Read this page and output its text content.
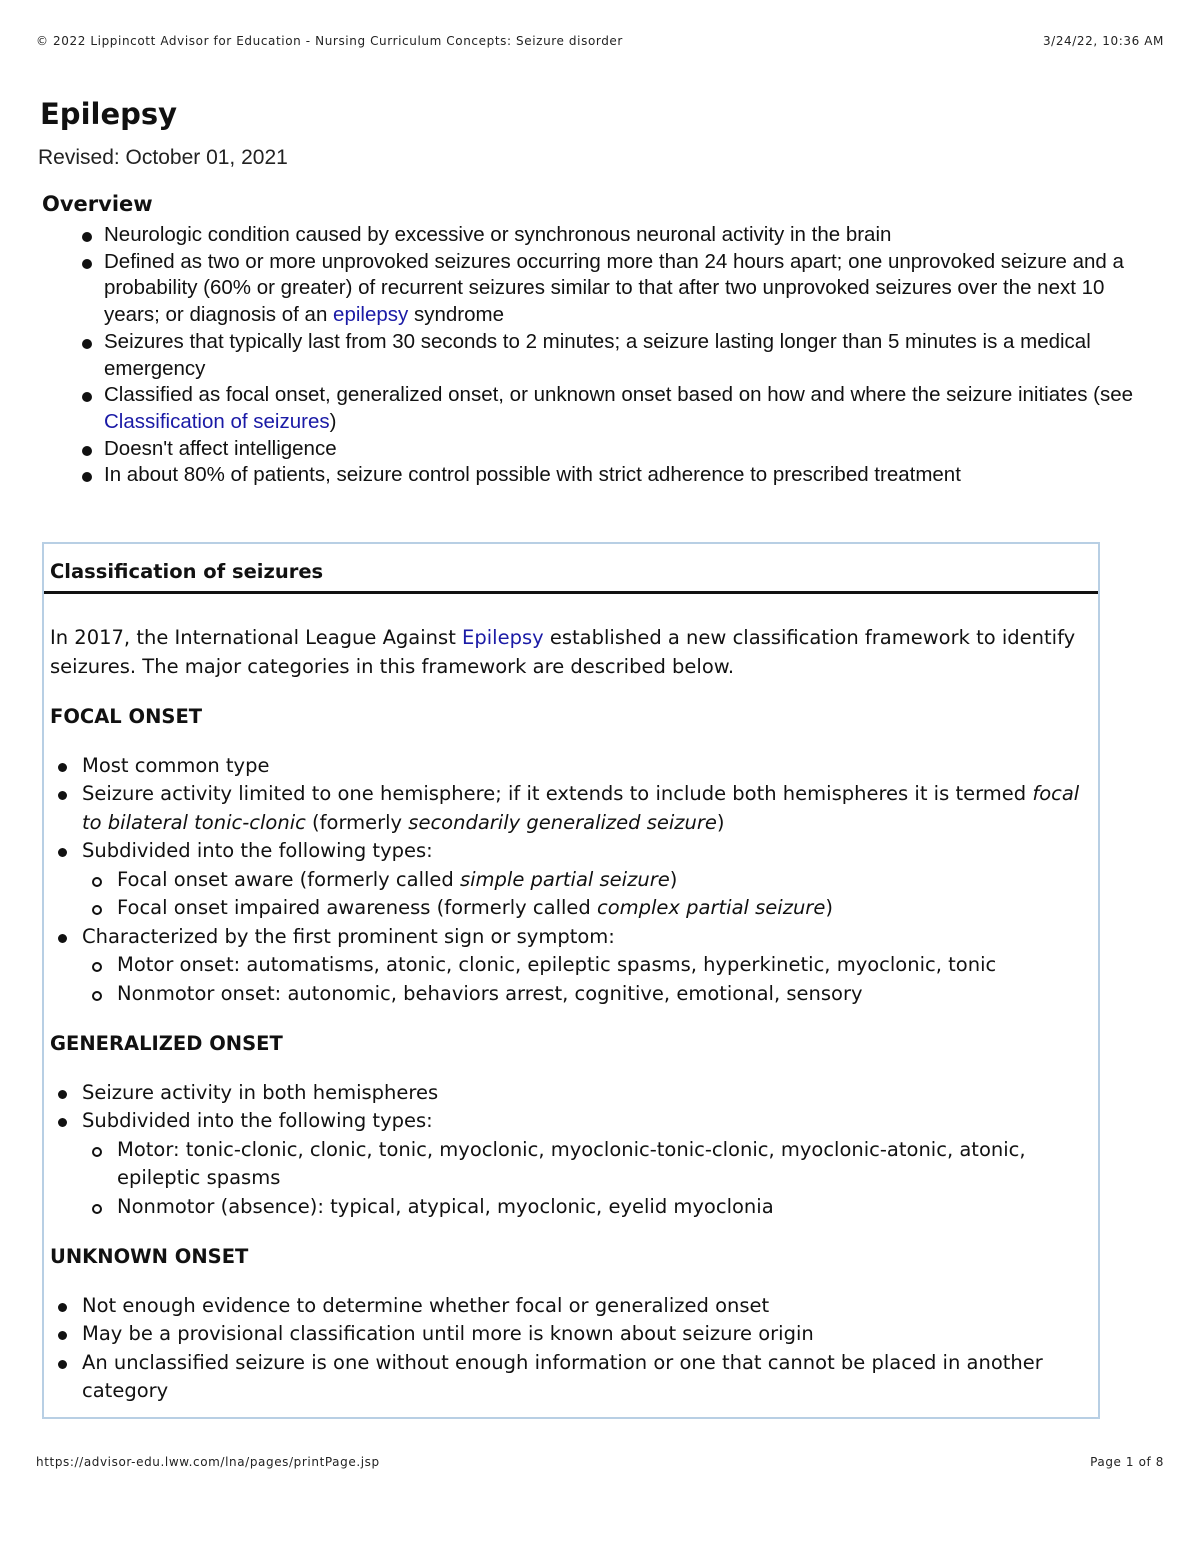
© 2022 Lippincott Advisor for Education - Nursing Curriculum Concepts: Seizure disorder	3/24/22, 10:36 AM
Epilepsy
Revised: October 01, 2021
Overview
Neurologic condition caused by excessive or synchronous neuronal activity in the brain
Defined as two or more unprovoked seizures occurring more than 24 hours apart; one unprovoked seizure and a probability (60% or greater) of recurrent seizures similar to that after two unprovoked seizures over the next 10 years; or diagnosis of an epilepsy syndrome
Seizures that typically last from 30 seconds to 2 minutes; a seizure lasting longer than 5 minutes is a medical emergency
Classified as focal onset, generalized onset, or unknown onset based on how and where the seizure initiates (see Classification of seizures)
Doesn't affect intelligence
In about 80% of patients, seizure control possible with strict adherence to prescribed treatment
Classification of seizures

In 2017, the International League Against Epilepsy established a new classification framework to identify seizures. The major categories in this framework are described below.

FOCAL ONSET

Most common type
Seizure activity limited to one hemisphere; if it extends to include both hemispheres it is termed focal to bilateral tonic-clonic (formerly secondarily generalized seizure)
Subdivided into the following types:
Focal onset aware (formerly called simple partial seizure)
Focal onset impaired awareness (formerly called complex partial seizure)
Characterized by the first prominent sign or symptom:
Motor onset: automatisms, atonic, clonic, epileptic spasms, hyperkinetic, myoclonic, tonic
Nonmotor onset: autonomic, behaviors arrest, cognitive, emotional, sensory

GENERALIZED ONSET

Seizure activity in both hemispheres
Subdivided into the following types:
Motor: tonic-clonic, clonic, tonic, myoclonic, myoclonic-tonic-clonic, myoclonic-atonic, atonic, epileptic spasms
Nonmotor (absence): typical, atypical, myoclonic, eyelid myoclonia

UNKNOWN ONSET

Not enough evidence to determine whether focal or generalized onset
May be a provisional classification until more is known about seizure origin
An unclassified seizure is one without enough information or one that cannot be placed in another category
https://advisor-edu.lww.com/lna/pages/printPage.jsp	Page 1 of 8
